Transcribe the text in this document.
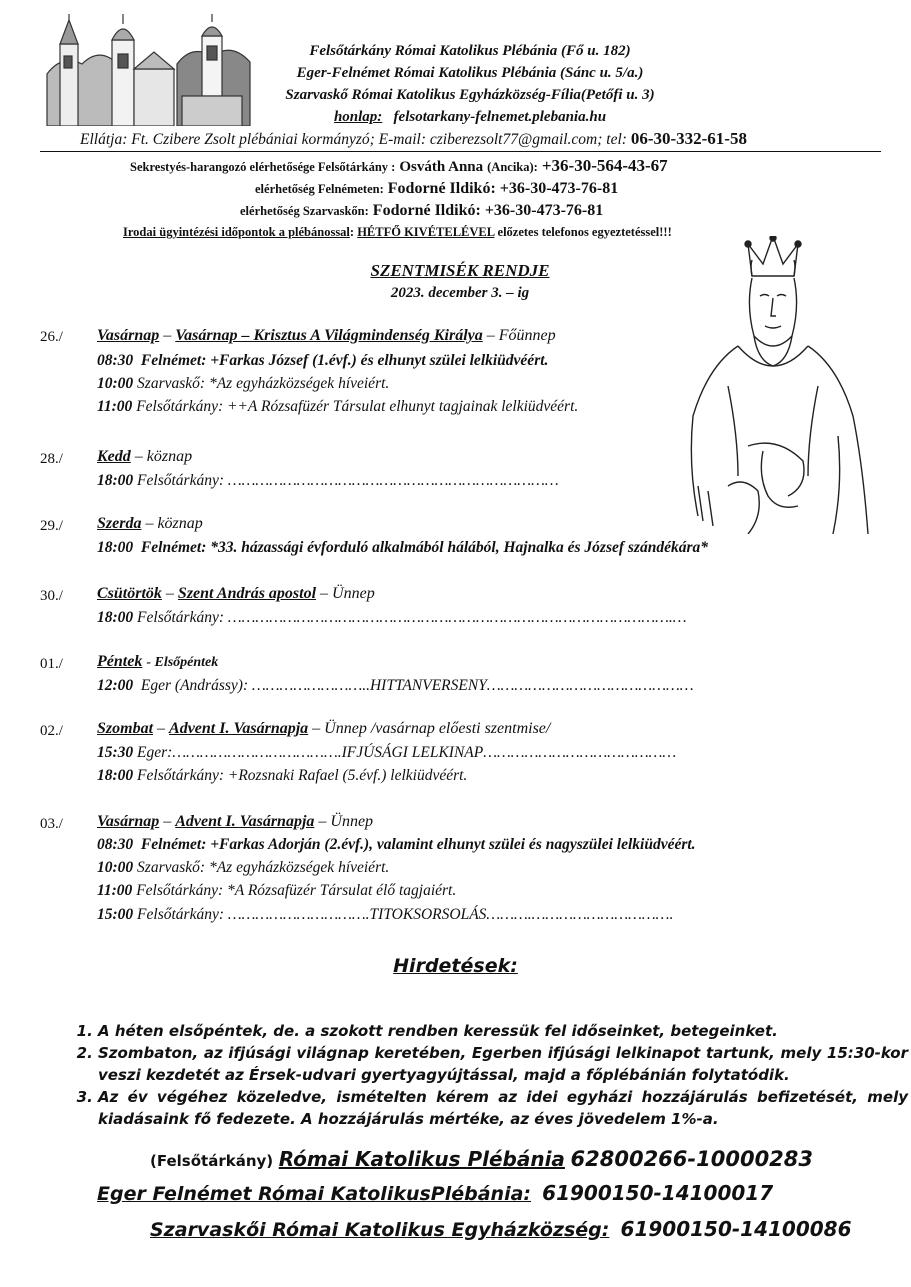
Felsőtárkány Római Katolikus Plébánia (Fő u. 182)
Eger-Felnémet Római Katolikus Plébánia (Sánc u. 5/a.)
Szarvaskő Római Katolikus Egyházközség-Fília(Petőfi u. 3)
honlap: felsotarkany-felnemet.plebania.hu
Ellátja: Ft. Czibere Zsolt plébániai kormányzó; E-mail: cziberezsolt77@gmail.com; tel: 06-30-332-61-58
Sekrestyés-harangozó elérhetősége Felsőtárkány : Osváth Anna (Ancika): +36-30-564-43-67
elérhetőség Felnémeten: Fodorné Ildikó: +36-30-473-76-81
elérhetőség Szarvaskőn: Fodorné Ildikó: +36-30-473-76-81
Irodai ügyintézési időpontok a plébánossal: HÉTFŐ KIVÉTELÉVEL előzetes telefonos egyeztetéssel!!!
SZENTMISÉK RENDJE
2023. december 3. – ig
26./ Vasárnap – Vasárnap – Krisztus A Világmindenség Királya – Főünnep
08:30 Felnémet: +Farkas József (1.évf.) és elhunyt szülei lelkiüdvéért.
10:00 Szarvaskő: *Az egyházközségek híveiért.
11:00 Felsőtárkány: ++A Rózsafüzér Társulat elhunyt tagjainak lelkiüdvéért.
28./ Kedd – köznap
18:00 Felsőtárkány: ………………………………………………………………
29./ Szerda – köznap
18:00 Felnémet: *33. házassági évforduló alkalmából hálából, Hajnalka és József szándékára*
30./ Csütörtök – Szent András apostol – Ünnep
18:00 Felsőtárkány: …………………………………………………………………………………….…
01./ Péntek - Elsőpéntek
12:00 Eger (Andrássy): ……………………..HITTANVERSENY………………………………………
02./ Szombat – Advent I. Vasárnapja – Ünnep /vasárnap előesti szentmise/
15:30 Eger:……………………………….IFJÚSÁGI LELKINAP……………………………………
18:00 Felsőtárkány: +Rozsnaki Rafael (5.évf.) lelkiüdvéért.
03./ Vasárnap – Advent I. Vasárnapja – Ünnep
08:30 Felnémet: +Farkas Adorján (2.évf.), valamint elhunyt szülei és nagyszülei lelkiüdvéért.
10:00 Szarvaskő: *Az egyházközségek híveiért.
11:00 Felsőtárkány: *A Rózsafüzér Társulat élő tagjaiért.
15:00 Felsőtárkány: ………………………….TITOKSORSOLÁS……….………………………….
Hirdetések:
1. A héten elsőpéntek, de. a szokott rendben keressük fel időseinket, betegeinket.
2. Szombaton, az ifjúsági világnap keretében, Egerben ifjúsági lelkinapot tartunk, mely 15:30-kor veszi kezdetét az Érsek-udvari gyertyagyújtással, majd a főplébánián folytatódik.
3. Az év végéhez közeledve, ismételten kérem az idei egyházi hozzájárulás befizetését, mely kiadásaink fő fedezete. A hozzájárulás mértéke, az éves jövedelem 1%-a.
(Felsőtárkány) Római Katolikus Plébánia 62800266-10000283
Eger Felnémet Római KatolikusPlébánia: 61900150-14100017
Szarvaskői Római Katolikus Egyházközség: 61900150-14100086
